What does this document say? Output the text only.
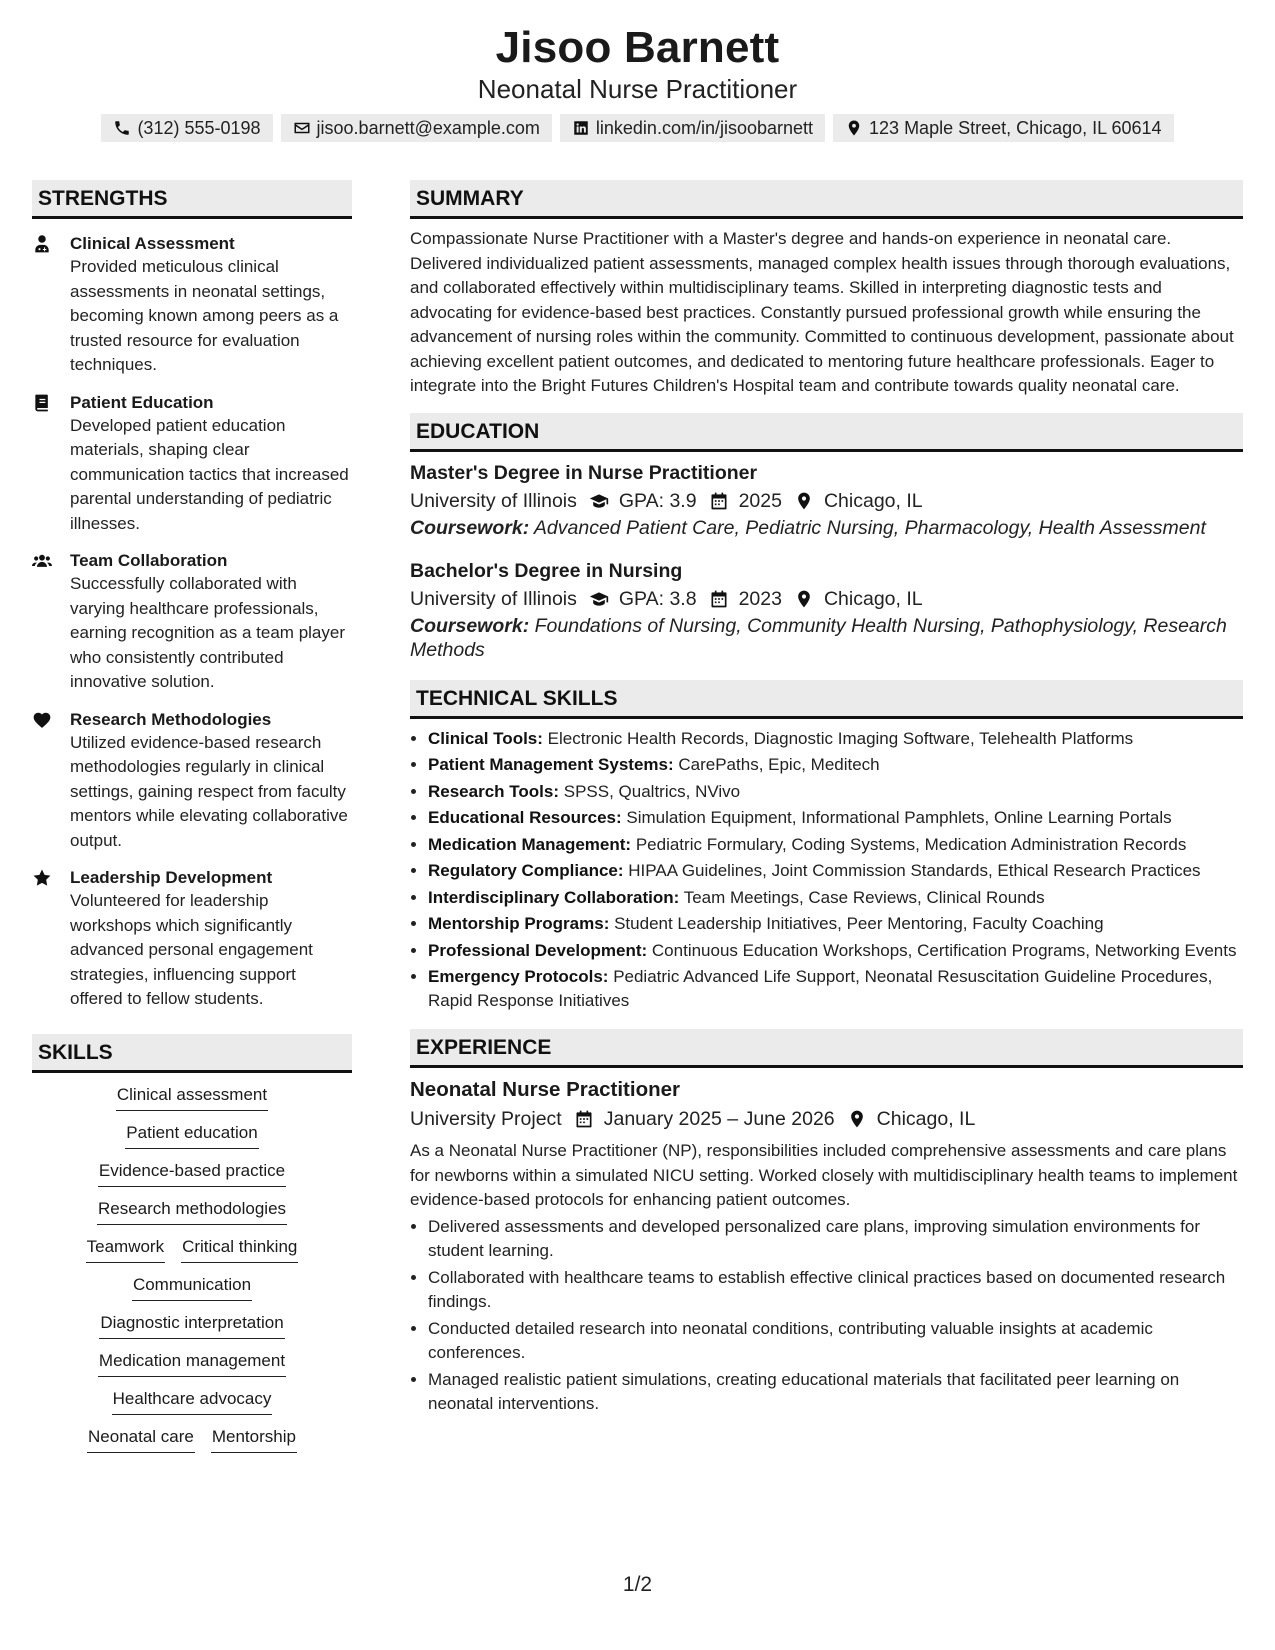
Jisoo Barnett
Neonatal Nurse Practitioner
(312) 555-0198	jisoo.barnett@example.com	linkedin.com/in/jisoobarnett	123 Maple Street, Chicago, IL 60614
STRENGTHS
Clinical Assessment
Provided meticulous clinical assessments in neonatal settings, becoming known among peers as a trusted resource for evaluation techniques.
Patient Education
Developed patient education materials, shaping clear communication tactics that increased parental understanding of pediatric illnesses.
Team Collaboration
Successfully collaborated with varying healthcare professionals, earning recognition as a team player who consistently contributed innovative solution.
Research Methodologies
Utilized evidence-based research methodologies regularly in clinical settings, gaining respect from faculty mentors while elevating collaborative output.
Leadership Development
Volunteered for leadership workshops which significantly advanced personal engagement strategies, influencing support offered to fellow students.
SKILLS
Clinical assessment
Patient education
Evidence-based practice
Research methodologies
Teamwork Critical thinking
Communication
Diagnostic interpretation
Medication management
Healthcare advocacy
Neonatal care Mentorship
SUMMARY
Compassionate Nurse Practitioner with a Master's degree and hands-on experience in neonatal care. Delivered individualized patient assessments, managed complex health issues through thorough evaluations, and collaborated effectively within multidisciplinary teams. Skilled in interpreting diagnostic tests and advocating for evidence-based best practices. Constantly pursued professional growth while ensuring the advancement of nursing roles within the community. Committed to continuous development, passionate about achieving excellent patient outcomes, and dedicated to mentoring future healthcare professionals. Eager to integrate into the Bright Futures Children's Hospital team and contribute towards quality neonatal care.
EDUCATION
Master's Degree in Nurse Practitioner
University of Illinois GPA: 3.9 2025 Chicago, IL
Coursework: Advanced Patient Care, Pediatric Nursing, Pharmacology, Health Assessment
Bachelor's Degree in Nursing
University of Illinois GPA: 3.8 2023 Chicago, IL
Coursework: Foundations of Nursing, Community Health Nursing, Pathophysiology, Research Methods
TECHNICAL SKILLS
• Clinical Tools: Electronic Health Records, Diagnostic Imaging Software, Telehealth Platforms
• Patient Management Systems: CarePaths, Epic, Meditech
• Research Tools: SPSS, Qualtrics, NVivo
• Educational Resources: Simulation Equipment, Informational Pamphlets, Online Learning Portals
• Medication Management: Pediatric Formulary, Coding Systems, Medication Administration Records
• Regulatory Compliance: HIPAA Guidelines, Joint Commission Standards, Ethical Research Practices
• Interdisciplinary Collaboration: Team Meetings, Case Reviews, Clinical Rounds
• Mentorship Programs: Student Leadership Initiatives, Peer Mentoring, Faculty Coaching
• Professional Development: Continuous Education Workshops, Certification Programs, Networking Events
• Emergency Protocols: Pediatric Advanced Life Support, Neonatal Resuscitation Guideline Procedures, Rapid Response Initiatives
EXPERIENCE
Neonatal Nurse Practitioner
University Project January 2025 – June 2026 Chicago, IL
As a Neonatal Nurse Practitioner (NP), responsibilities included comprehensive assessments and care plans for newborns within a simulated NICU setting. Worked closely with multidisciplinary health teams to implement evidence-based protocols for enhancing patient outcomes.
• Delivered assessments and developed personalized care plans, improving simulation environments for student learning.
• Collaborated with healthcare teams to establish effective clinical practices based on documented research findings.
• Conducted detailed research into neonatal conditions, contributing valuable insights at academic conferences.
• Managed realistic patient simulations, creating educational materials that facilitated peer learning on neonatal interventions.
1/2
